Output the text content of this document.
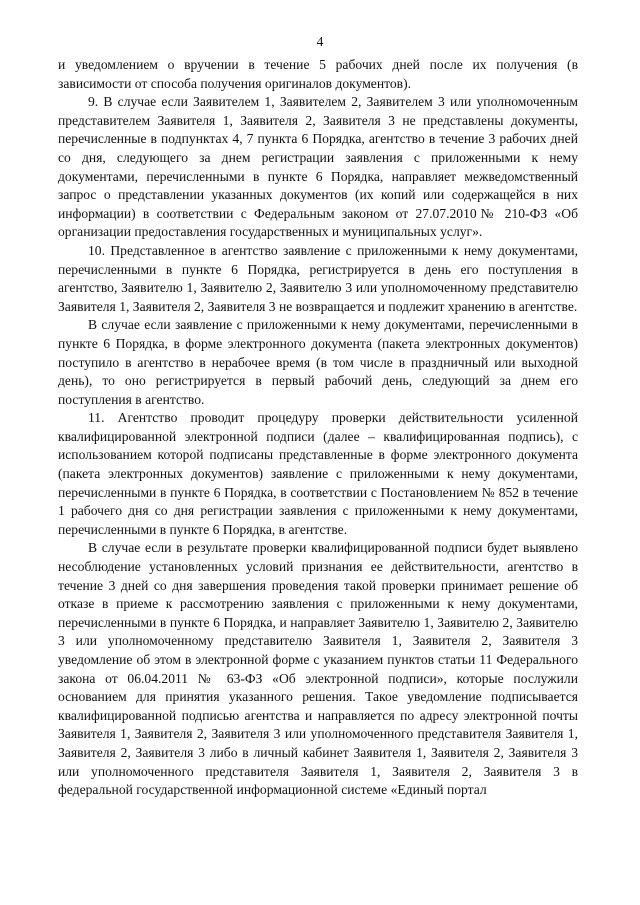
4

и уведомлением о вручении в течение 5 рабочих дней после их получения (в зависимости от способа получения оригиналов документов).

9. В случае если Заявителем 1, Заявителем 2, Заявителем 3 или уполномоченным представителем Заявителя 1, Заявителя 2, Заявителя 3 не представлены документы, перечисленные в подпунктах 4, 7 пункта 6 Порядка, агентство в течение 3 рабочих дней со дня, следующего за днем регистрации заявления с приложенными к нему документами, перечисленными в пункте 6 Порядка, направляет межведомственный запрос о представлении указанных документов (их копий или содержащейся в них информации) в соответствии с Федеральным законом от 27.07.2010№ 210-ФЗ «Об организации предоставления государственных и муниципальных услуг».

10. Представленное в агентство заявление с приложенными к нему документами, перечисленными в пункте 6 Порядка, регистрируется в день его поступления в агентство, Заявителю 1, Заявителю 2, Заявителю 3 или уполномоченному представителю Заявителя 1, Заявителя 2, Заявителя 3 не возвращается и подлежит хранению в агентстве.

В случае если заявление с приложенными к нему документами, перечисленными в пункте 6 Порядка, в форме электронного документа (пакета электронных документов) поступило в агентство в нерабочее время (в том числе в праздничный или выходной день), то оно регистрируется в первый рабочий день, следующий за днем его поступления в агентство.

11. Агентство проводит процедуру проверки действительности усиленной квалифицированной электронной подписи (далее – квалифицированная подпись), с использованием которой подписаны представленные в форме электронного документа (пакета электронных документов) заявление с приложенными к нему документами, перечисленными в пункте 6 Порядка, в соответствии с Постановлением № 852 в течение 1 рабочего дня со дня регистрации заявления с приложенными к нему документами, перечисленными в пункте 6 Порядка, в агентстве.

В случае если в результате проверки квалифицированной подписи будет выявлено несоблюдение установленных условий признания ее действительности, агентство в течение 3 дней со дня завершения проведения такой проверки принимает решение об отказе в приеме к рассмотрению заявления с приложенными к нему документами, перечисленными в пункте 6 Порядка, и направляет Заявителю 1, Заявителю 2, Заявителю 3 или уполномоченному представителю Заявителя 1, Заявителя 2, Заявителя 3 уведомление об этом в электронной форме с указанием пунктов статьи 11 Федерального закона от 06.04.2011 № 63-ФЗ «Об электронной подписи», которые послужили основанием для принятия указанного решения. Такое уведомление подписывается квалифицированной подписью агентства и направляется по адресу электронной почты Заявителя 1, Заявителя 2, Заявителя 3 или уполномоченного представителя Заявителя 1, Заявителя 2, Заявителя 3 либо в личный кабинет Заявителя 1, Заявителя 2, Заявителя 3 или уполномоченного представителя Заявителя 1, Заявителя 2, Заявителя 3 в федеральной государственной информационной системе «Единый портал
